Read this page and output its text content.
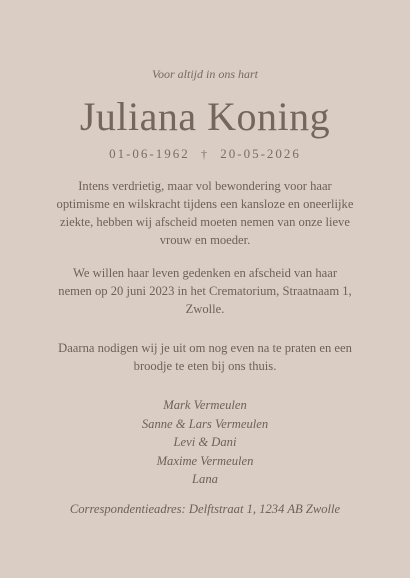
Voor altijd in ons hart
Juliana Koning
01-06-1962 † 20-05-2026
Intens verdrietig, maar vol bewondering voor haar optimisme en wilskracht tijdens een kansloze en oneerlijke ziekte, hebben wij afscheid moeten nemen van onze lieve vrouw en moeder.
We willen haar leven gedenken en afscheid van haar nemen op 20 juni 2023 in het Crematorium, Straatnaam 1, Zwolle.
Daarna nodigen wij je uit om nog even na te praten en een broodje te eten bij ons thuis.
Mark Vermeulen
Sanne & Lars Vermeulen
Levi & Dani
Maxime Vermeulen
Lana
Correspondentieadres: Delftstraat 1, 1234 AB Zwolle
